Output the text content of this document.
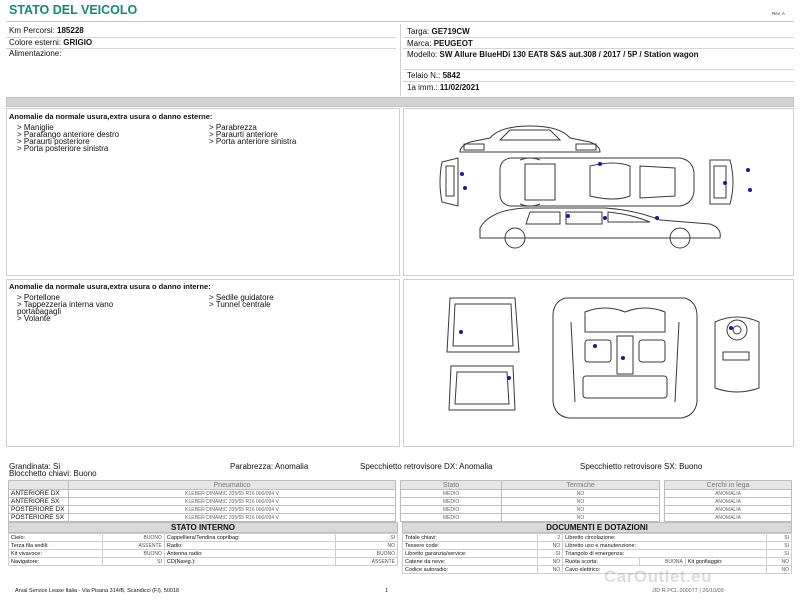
STATO DEL VEICOLO	Rev. A
Km Percorsi: 185228
Colore esterni: GRIGIO
Alimentazione:
Targa: GE719CW
Marca: PEUGEOT
Modello: SW Allure BlueHDi 130 EAT8 S&S aut.308 / 2017 / 5P / Station wagon
Telaio N.: 5842
1a imm.: 11/02/2021
Anomalie da normale usura,extra usura o danno esterne:
> Maniglie
> Parafango anteriore destro
> Paraurti posteriore
> Porta posteriore sinistra
> Parabrezza
> Paraurti anteriore
> Porta anteriore sinistra
Anomalie da normale usura,extra usura o danno interne:
> Portellone
> Tappezzeria interna vano
portabagagli
> Volante
> Sedile guidatore
> Tunnel centrale
Grandinata: Si	Parabrezza: Anomalia	Specchietto retrovisore DX: Anomalia	Specchietto retrovisore SX: Buono
Blocchetto chiavi: Buono
	Pneumatico
ANTERIORE DX	KLEBER DINAMIC 205/55 R16 000/094 V
ANTERIORE SX	KLEBER DINAMIC 205/55 R16 000/094 V
POSTERIORE DX	KLEBER DINAMIC 205/55 R16 000/094 V
POSTERIORE SX	KLEBER DINAMIC 205/55 R16 000/094 V
Stato	Termiche
MEDIO	NO
MEDIO	NO
MEDIO	NO
MEDIO	NO
Cerchi in lega
ANOMALIA
ANOMALIA
ANOMALIA
ANOMALIA
STATO INTERNO
Cielo:	BUONO	Cappelliera/Tendina copribag:	SI
Terza fila sedili:	ASSENTE	Radio:	NO
Kit vivavoce:	BUONO	Antenna radio:	BUONO
Navigatore:	SI	CD(Navig.):	ASSENTE
DOCUMENTI E DOTAZIONI
Totale chiavi:	2	Libretto circolazione:			SI
Tessere code:	NO	Libretto uso e manutenzione:			SI
Libretto garanzia/service:	SI	Triangolo di emergenza:			SI
Catene da neve:	NO	Ruota scorta:	BUONA	Kit gonfiaggio:	NO
Codice autoradio:	NO	Cavo elettrico:			NO
Arval Service Lease Italia - Via Pisana 314/B, Scandicci (FI), 50018	1	JID R.PCL.000077 | 26/10/09
CarOutlet.eu
